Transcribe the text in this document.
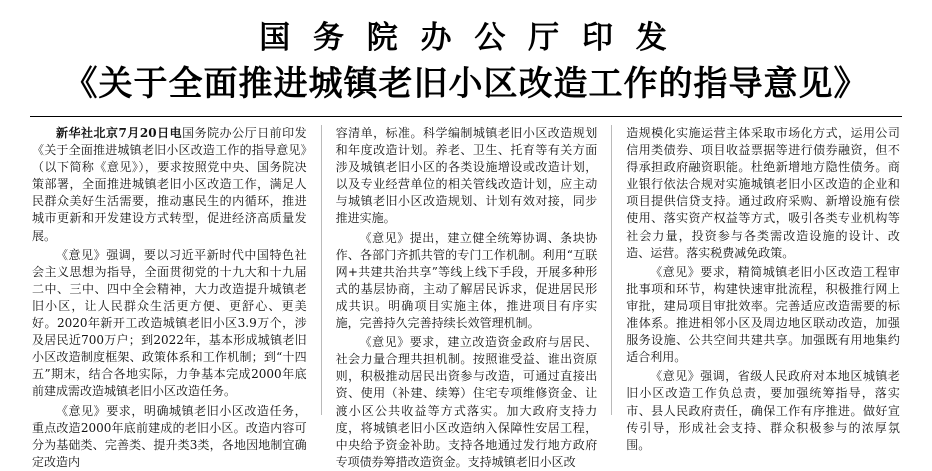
国 务 院 办 公 厅 印 发
《关于全面推进城镇老旧小区改造工作的指导意见》

新华社北京7月20日电国务院办公厅日前印发《关于全面推进城镇老旧小区改造工作的指导意见》（以下简称《意见》），要求按照党中央、国务院决策部署，全面推进城镇老旧小区改造工作，满足人民群众美好生活需要，推动惠民生的内循环，推进城市更新和开发建设方式转型，促进经济高质量发展。

《意见》强调，要以习近平新时代中国特色社会主义思想为指导，全面贯彻党的十九大和十九届二中、三中、四中全会精神，大力改造提升城镇老旧小区，让人民群众生活更方便、更舒心、更美好。2020年新开工改造城镇老旧小区3.9万个，涉及居民近700万户；到2022年，基本形成城镇老旧小区改造制度框架、政策体系和工作机制；到“十四五”期末，结合各地实际，力争基本完成2000年底前建成需改造城镇老旧小区改造任务。

《意见》要求，明确城镇老旧小区改造任务，重点改造2000年底前建成的老旧小区。改造内容可分为基础类、完善类、提升类3类，各地因地制宜确定改造内

容清单，标准。科学编制城镇老旧小区改造规划和年度改造计划。养老、卫生、托育等有关方面涉及城镇老旧小区的各类设施增设或改造计划，以及专业经营单位的相关管线改造计划，应主动与城镇老旧小区改造规划、计划有效对接，同步推进实施。

《意见》提出，建立健全统筹协调、条块协作、各部门齐抓共管的专门工作机制。利用“互联网+共建共治共享”等线上线下手段，开展多种形式的基层协商，主动了解居民诉求，促进居民形成共识。明确项目实施主体，推进项目有序实施，完善持久完善持续长效管理机制。

《意见》要求，建立改造资金政府与居民、社会力量合理共担机制。按照谁受益、谁出资原则，积极推动居民出资参与改造，可通过直接出资、使用（补建、续筹）住宅专项维修资金、让渡小区公共收益等方式落实。加大政府支持力度，将城镇老旧小区改造纳入保障性安居工程，中央给予资金补助。支持各地通过发行地方政府专项债券筹措改造资金。支持城镇老旧小区改

造规模化实施运营主体采取市场化方式，运用公司信用类债券、项目收益票据等进行债券融资，但不得承担政府融资职能。杜绝新增地方隐性债务。商业银行依法合规对实施城镇老旧小区改造的企业和项目提供信贷支持。通过政府采购、新增设施有偿使用、落实资产权益等方式，吸引各类专业机构等社会力量，投资参与各类需改造设施的设计、改造、运营。落实税费减免政策。

《意见》要求，精简城镇老旧小区改造工程审批事项和环节，构建快速审批流程，积极推行网上审批，建局项目审批效率。完善适应改造需要的标准体系。推进相邻小区及周边地区联动改造，加强服务设施、公共空间共建共享。加强既有用地集约适合利用。

《意见》强调，省级人民政府对本地区城镇老旧小区改造工作负总责，要加强统筹指导，落实市、县人民政府责任，确保工作有序推进。做好宣传引导，形成社会支持、群众积极参与的浓厚氛围。
